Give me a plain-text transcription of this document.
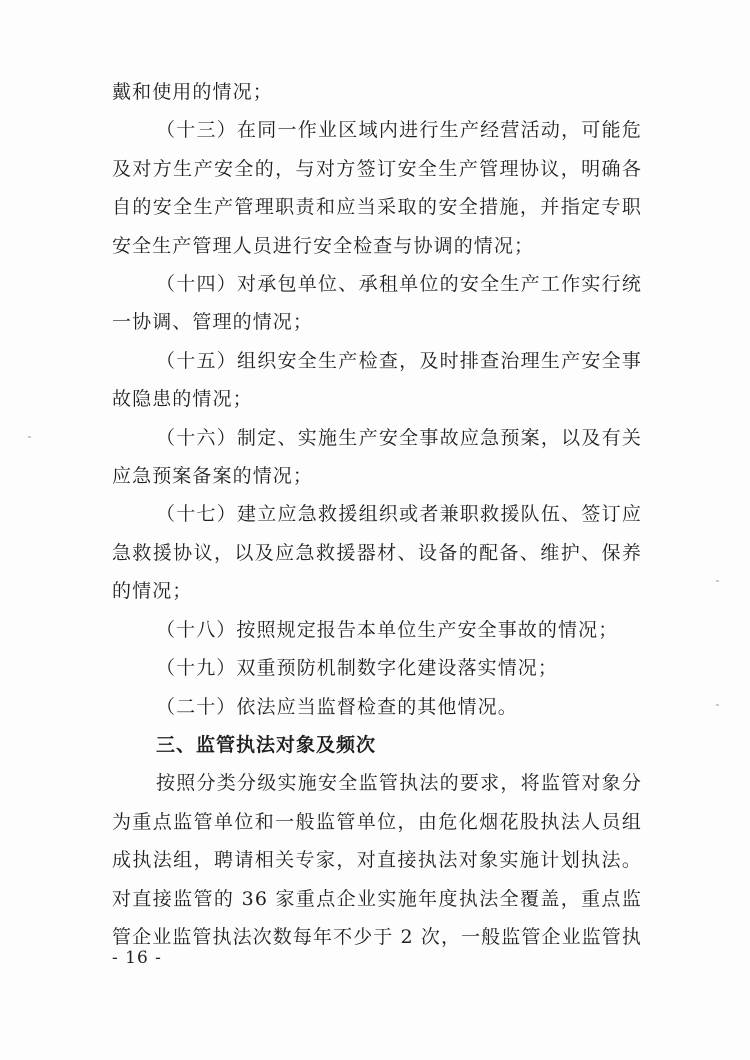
戴和使用的情况；

（十三）在同一作业区域内进行生产经营活动，可能危及对方生产安全的，与对方签订安全生产管理协议，明确各自的安全生产管理职责和应当采取的安全措施，并指定专职安全生产管理人员进行安全检查与协调的情况；

（十四）对承包单位、承租单位的安全生产工作实行统一协调、管理的情况；

（十五）组织安全生产检查，及时排查治理生产安全事故隐患的情况；

（十六）制定、实施生产安全事故应急预案，以及有关应急预案备案的情况；

（十七）建立应急救援组织或者兼职救援队伍、签订应急救援协议，以及应急救援器材、设备的配备、维护、保养的情况；

（十八）按照规定报告本单位生产安全事故的情况；

（十九）双重预防机制数字化建设落实情况；

（二十）依法应当监督检查的其他情况。

三、监管执法对象及频次

按照分类分级实施安全监管执法的要求，将监管对象分为重点监管单位和一般监管单位，由危化烟花股执法人员组成执法组，聘请相关专家，对直接执法对象实施计划执法。对直接监管的 36 家重点企业实施年度执法全覆盖，重点监管企业监管执法次数每年不少于 2 次，一般监管企业监管执

- 16 -
